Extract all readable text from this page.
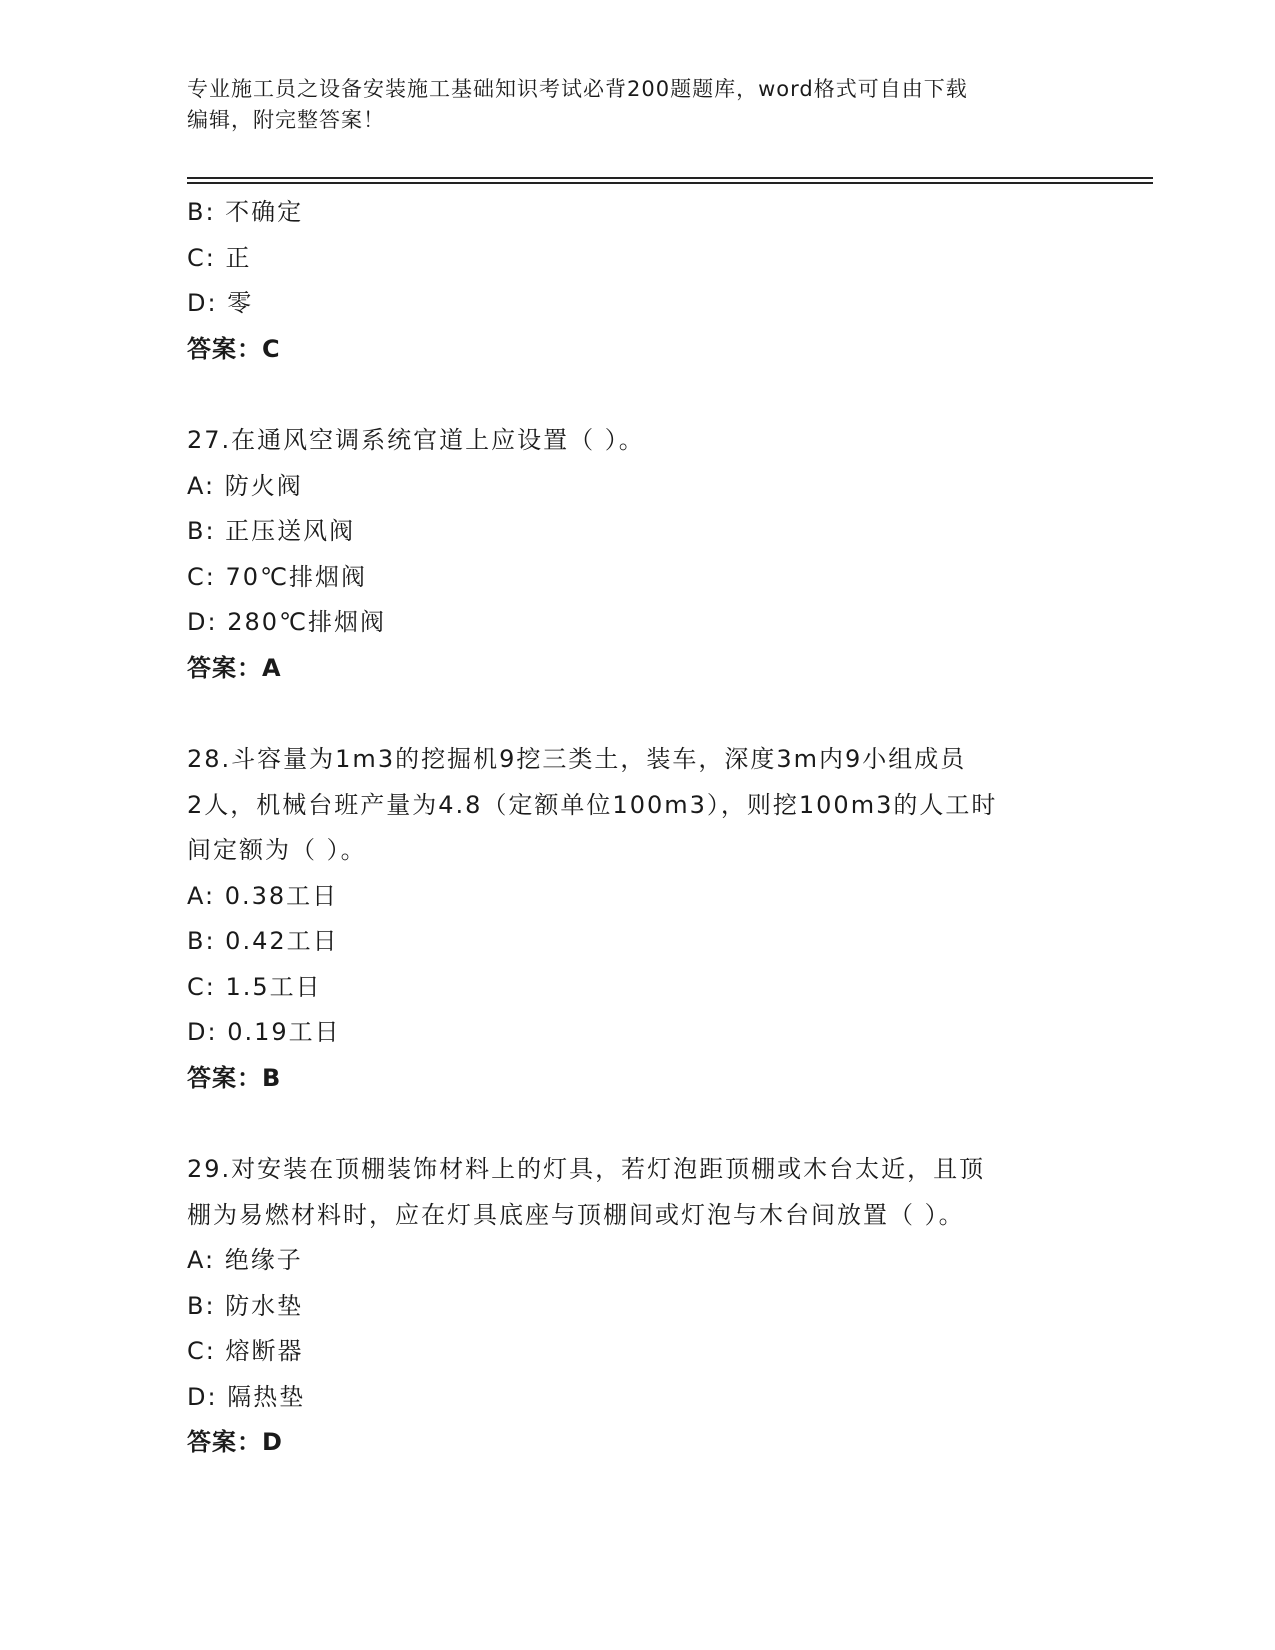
专业施工员之设备安装施工基础知识考试必背200题题库，word格式可自由下载
编辑，附完整答案！
B: 不确定
C: 正
D: 零
答案：C
27.在通风空调系统官道上应设置（ ）。
A: 防火阀
B: 正压送风阀
C: 70℃排烟阀
D: 280℃排烟阀
答案：A
28.斗容量为1m3的挖掘机9挖三类土，装车，深度3m内9小组成员
2人，机械台班产量为4.8（定额单位100m3），则挖100m3的人工时
间定额为（ ）。
A: 0.38工日
B: 0.42工日
C: 1.5工日
D: 0.19工日
答案：B
29.对安装在顶棚装饰材料上的灯具，若灯泡距顶棚或木台太近，且顶
棚为易燃材料时，应在灯具底座与顶棚间或灯泡与木台间放置（ ）。
A: 绝缘子
B: 防水垫
C: 熔断器
D: 隔热垫
答案：D
